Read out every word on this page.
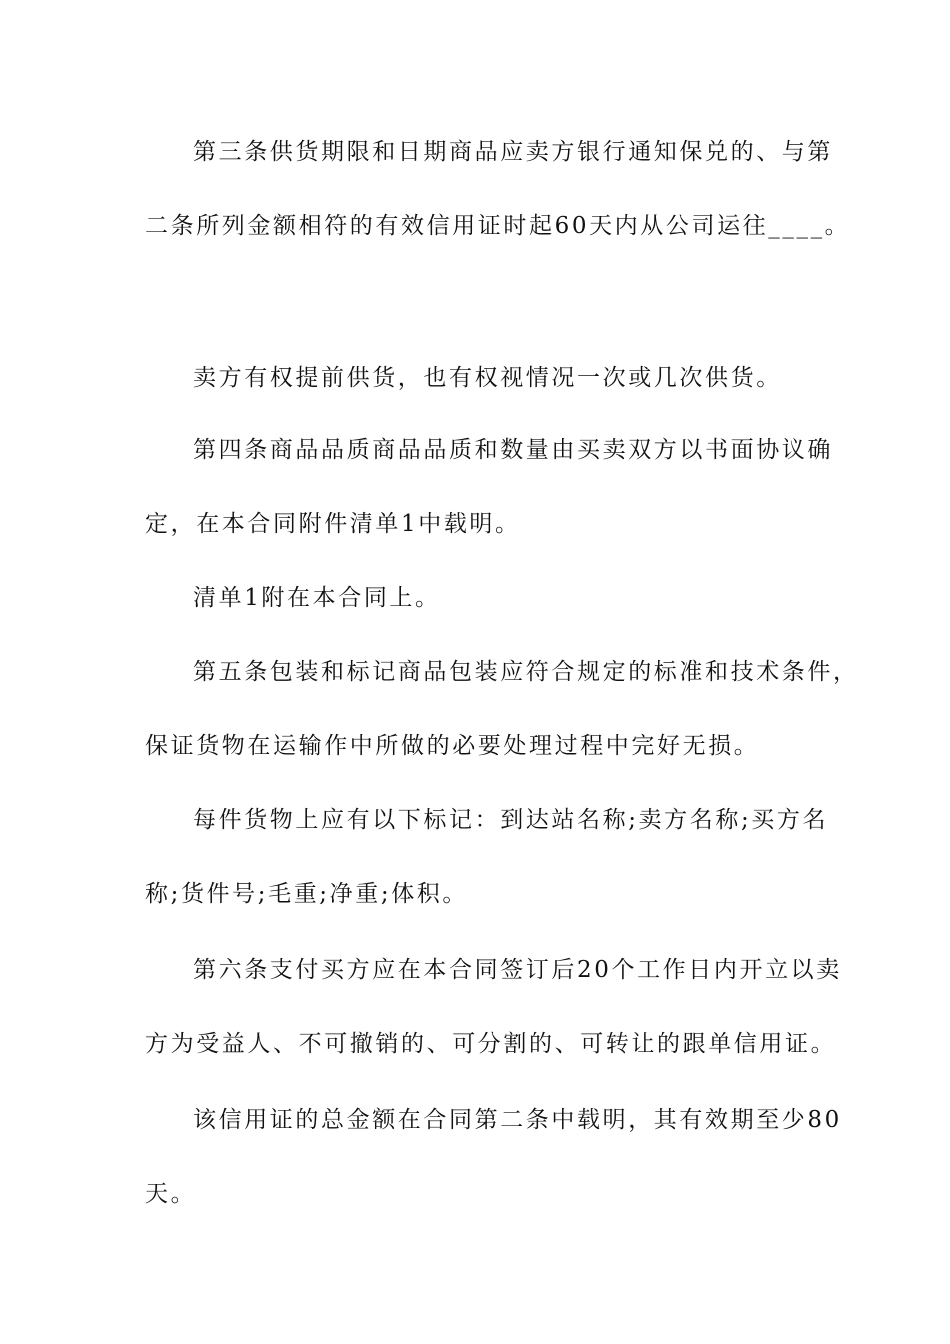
第三条供货期限和日期商品应卖方银行通知保兑的、与第

二条所列金额相符的有效信用证时起60天内从公司运往____。

卖方有权提前供货，也有权视情况一次或几次供货。

第四条商品品质商品品质和数量由买卖双方以书面协议确

定，在本合同附件清单1中载明。

清单1附在本合同上。

第五条包装和标记商品包装应符合规定的标准和技术条件，

保证货物在运输作中所做的必要处理过程中完好无损。

每件货物上应有以下标记：到达站名称;卖方名称;买方名

称;货件号;毛重;净重;体积。

第六条支付买方应在本合同签订后20个工作日内开立以卖

方为受益人、不可撤销的、可分割的、可转让的跟单信用证。

该信用证的总金额在合同第二条中载明，其有效期至少80

天。
